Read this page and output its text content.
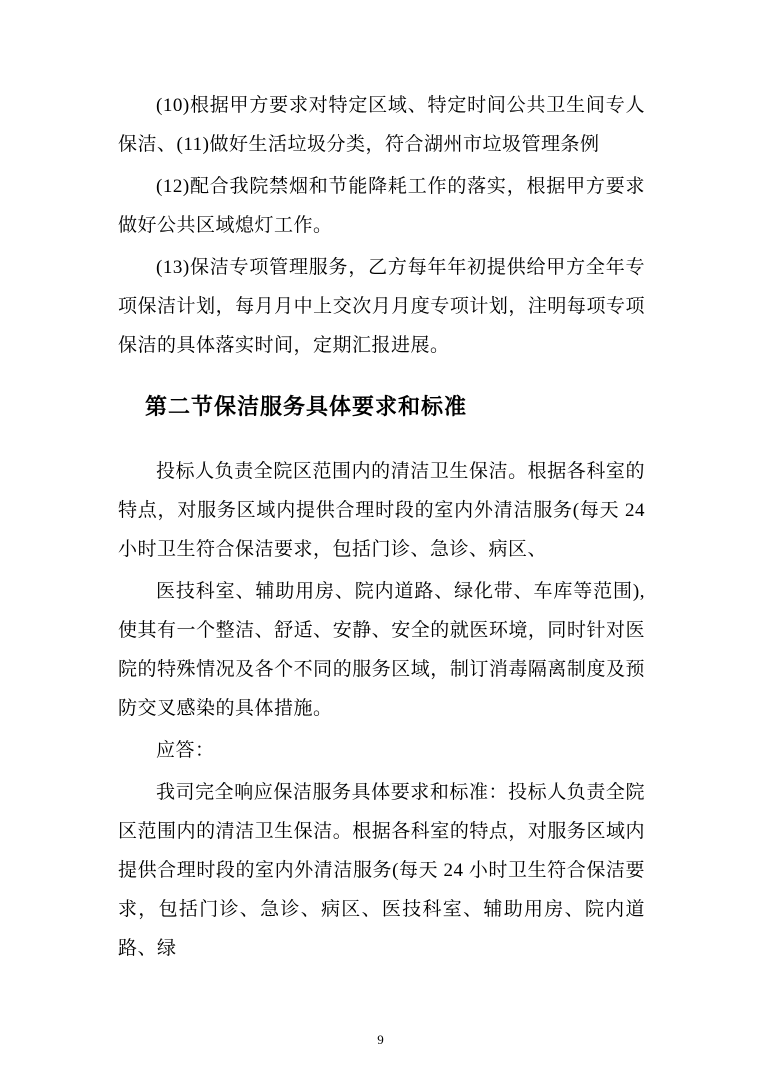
(10)根据甲方要求对特定区域、特定时间公共卫生间专人保洁、(11)做好生活垃圾分类，符合湖州市垃圾管理条例

(12)配合我院禁烟和节能降耗工作的落实，根据甲方要求做好公共区域熄灯工作。

(13)保洁专项管理服务，乙方每年年初提供给甲方全年专项保洁计划，每月月中上交次月月度专项计划，注明每项专项保洁的具体落实时间，定期汇报进展。

第二节保洁服务具体要求和标准

投标人负责全院区范围内的清洁卫生保洁。根据各科室的特点，对服务区域内提供合理时段的室内外清洁服务(每天 24 小时卫生符合保洁要求，包括门诊、急诊、病区、

医技科室、辅助用房、院内道路、绿化带、车库等范围),使其有一个整洁、舒适、安静、安全的就医环境，同时针对医院的特殊情况及各个不同的服务区域，制订消毒隔离制度及预防交叉感染的具体措施。

应答：

我司完全响应保洁服务具体要求和标准：投标人负责全院区范围内的清洁卫生保洁。根据各科室的特点，对服务区域内提供合理时段的室内外清洁服务(每天 24 小时卫生符合保洁要求，包括门诊、急诊、病区、医技科室、辅助用房、院内道路、绿

9
